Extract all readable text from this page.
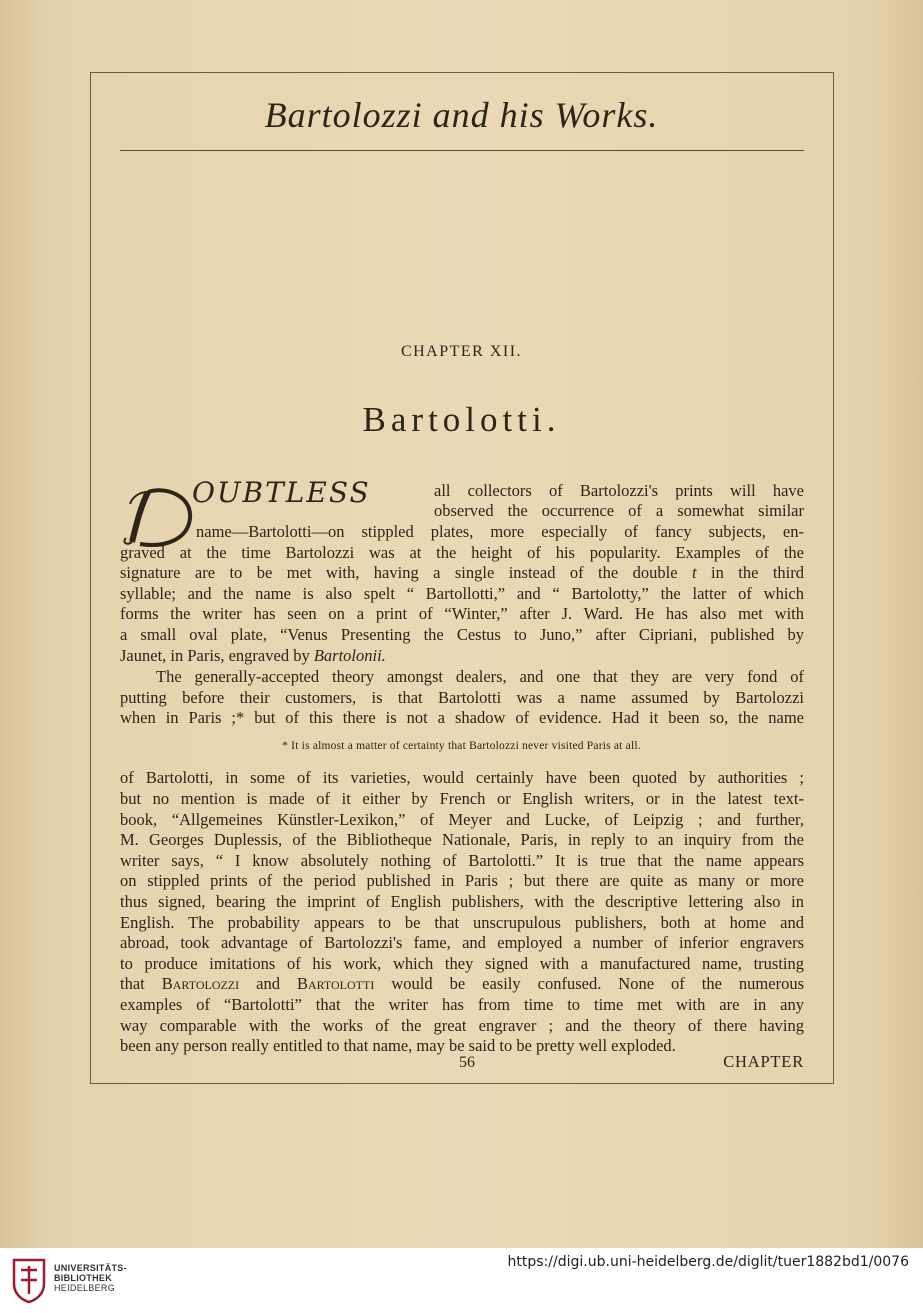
Bartolozzi and his Works.
CHAPTER XII.
Bartolotti.
D
OUBTLESS	all collectors of Bartolozzi's prints will have
observed the occurrence of a somewhat similar
name—Bartolotti—on stippled plates, more especially of fancy subjects, en-
graved at the time Bartolozzi was at the height of his popularity. Examples of the
signature are to be met with, having a single instead of the double t in the third
syllable; and the name is also spelt “ Bartollotti,” and “ Bartolotty,” the latter of which
forms the writer has seen on a print of “Winter,” after J. Ward. He has also met with
a small oval plate, “Venus Presenting the Cestus to Juno,” after Cipriani, published by
Jaunet, in Paris, engraved by Bartolonii.
The generally-accepted theory amongst dealers, and one that they are very fond of
putting before their customers, is that Bartolotti was a name assumed by Bartolozzi
when in Paris ;* but of this there is not a shadow of evidence. Had it been so, the name
* It is almost a matter of certainty that Bartolozzi never visited Paris at all.
of Bartolotti, in some of its varieties, would certainly have been quoted by authorities ;
but no mention is made of it either by French or English writers, or in the latest text-
book, “Allgemeines Künstler-Lexikon,” of Meyer and Lucke, of Leipzig ; and further,
M. Georges Duplessis, of the Bibliotheque Nationale, Paris, in reply to an inquiry from the
writer says, “ I know absolutely nothing of Bartolotti.” It is true that the name appears
on stippled prints of the period published in Paris ; but there are quite as many or more
thus signed, bearing the imprint of English publishers, with the descriptive lettering also in
English. The probability appears to be that unscrupulous publishers, both at home and
abroad, took advantage of Bartolozzi's fame, and employed a number of inferior engravers
to produce imitations of his work, which they signed with a manufactured name, trusting
that Bartolozzi and Bartolotti would be easily confused. None of the numerous
examples of “Bartolotti” that the writer has from time to time met with are in any
way comparable with the works of the great engraver ; and the theory of there having
been any person really entitled to that name, may be said to be pretty well exploded.
56	CHAPTER
UNIVERSITÄTS-
BIBLIOTHEK
HEIDELBERG
https://digi.ub.uni-heidelberg.de/diglit/tuer1882bd1/0076
